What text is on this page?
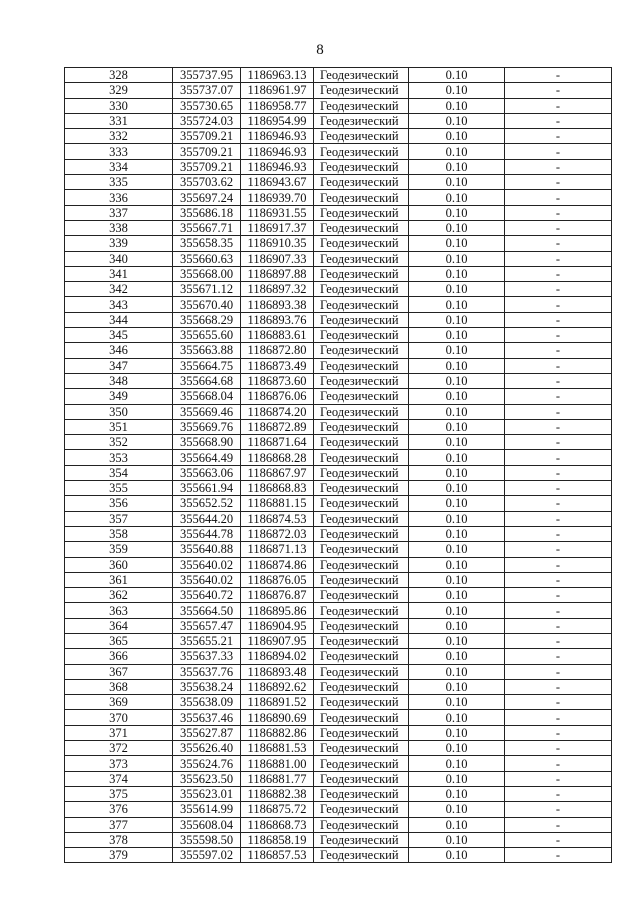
8
328	355737.95	1186963.13	Геодезический	0.10	-
329	355737.07	1186961.97	Геодезический	0.10	-
330	355730.65	1186958.77	Геодезический	0.10	-
331	355724.03	1186954.99	Геодезический	0.10	-
332	355709.21	1186946.93	Геодезический	0.10	-
333	355709.21	1186946.93	Геодезический	0.10	-
334	355709.21	1186946.93	Геодезический	0.10	-
335	355703.62	1186943.67	Геодезический	0.10	-
336	355697.24	1186939.70	Геодезический	0.10	-
337	355686.18	1186931.55	Геодезический	0.10	-
338	355667.71	1186917.37	Геодезический	0.10	-
339	355658.35	1186910.35	Геодезический	0.10	-
340	355660.63	1186907.33	Геодезический	0.10	-
341	355668.00	1186897.88	Геодезический	0.10	-
342	355671.12	1186897.32	Геодезический	0.10	-
343	355670.40	1186893.38	Геодезический	0.10	-
344	355668.29	1186893.76	Геодезический	0.10	-
345	355655.60	1186883.61	Геодезический	0.10	-
346	355663.88	1186872.80	Геодезический	0.10	-
347	355664.75	1186873.49	Геодезический	0.10	-
348	355664.68	1186873.60	Геодезический	0.10	-
349	355668.04	1186876.06	Геодезический	0.10	-
350	355669.46	1186874.20	Геодезический	0.10	-
351	355669.76	1186872.89	Геодезический	0.10	-
352	355668.90	1186871.64	Геодезический	0.10	-
353	355664.49	1186868.28	Геодезический	0.10	-
354	355663.06	1186867.97	Геодезический	0.10	-
355	355661.94	1186868.83	Геодезический	0.10	-
356	355652.52	1186881.15	Геодезический	0.10	-
357	355644.20	1186874.53	Геодезический	0.10	-
358	355644.78	1186872.03	Геодезический	0.10	-
359	355640.88	1186871.13	Геодезический	0.10	-
360	355640.02	1186874.86	Геодезический	0.10	-
361	355640.02	1186876.05	Геодезический	0.10	-
362	355640.72	1186876.87	Геодезический	0.10	-
363	355664.50	1186895.86	Геодезический	0.10	-
364	355657.47	1186904.95	Геодезический	0.10	-
365	355655.21	1186907.95	Геодезический	0.10	-
366	355637.33	1186894.02	Геодезический	0.10	-
367	355637.76	1186893.48	Геодезический	0.10	-
368	355638.24	1186892.62	Геодезический	0.10	-
369	355638.09	1186891.52	Геодезический	0.10	-
370	355637.46	1186890.69	Геодезический	0.10	-
371	355627.87	1186882.86	Геодезический	0.10	-
372	355626.40	1186881.53	Геодезический	0.10	-
373	355624.76	1186881.00	Геодезический	0.10	-
374	355623.50	1186881.77	Геодезический	0.10	-
375	355623.01	1186882.38	Геодезический	0.10	-
376	355614.99	1186875.72	Геодезический	0.10	-
377	355608.04	1186868.73	Геодезический	0.10	-
378	355598.50	1186858.19	Геодезический	0.10	-
379	355597.02	1186857.53	Геодезический	0.10	-
